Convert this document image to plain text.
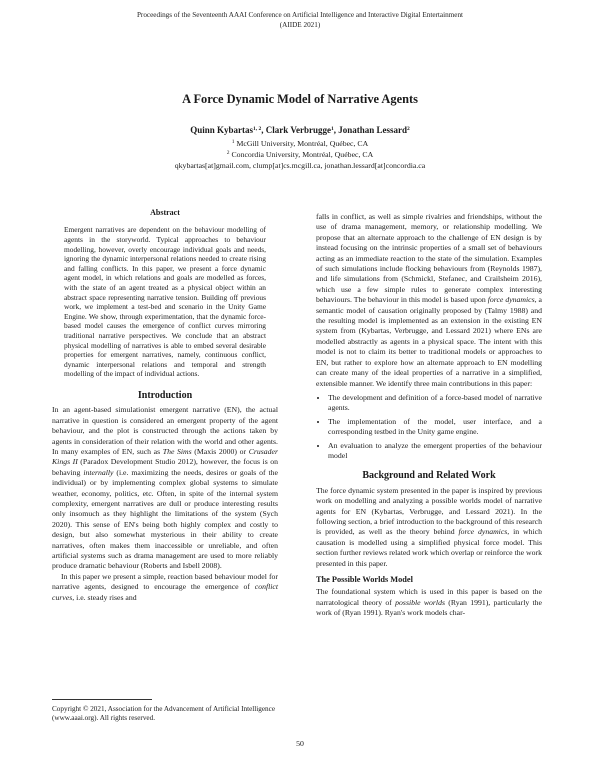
Proceedings of the Seventeenth AAAI Conference on Artificial Intelligence and Interactive Digital Entertainment
(AIIDE 2021)
A Force Dynamic Model of Narrative Agents
Quinn Kybartas$^{1, 2}$, Clark Verbrugge$^1$, Jonathan Lessard$^2$
$^1$ McGill University, Montréal, Québec, CA
$^2$ Concordia University, Montréal, Québec, CA
qkybartas[at]gmail.com, clump[at]cs.mcgill.ca, jonathan.lessard[at]concordia.ca
Abstract

Emergent narratives are dependent on the behaviour modelling of agents in the storyworld. Typical approaches to behaviour modelling, however, overly encourage individual goals and needs, ignoring the dynamic interpersonal relations needed to create rising and falling conflicts. In this paper, we present a force dynamic agent model, in which relations and goals are modelled as forces, with the state of an agent treated as a physical object within an abstract space representing narrative tension. Building off previous work, we implement a test-bed and scenario in the Unity Game Engine. We show, through experimentation, that the dynamic force-based model causes the emergence of conflict curves mirroring traditional narrative perspectives. We conclude that an abstract physical modelling of narratives is able to embed several desirable properties for emergent narratives, namely, continuous conflict, dynamic interpersonal relations and temporal and strength modelling of the impact of individual actions.

Introduction

In an agent-based simulationist emergent narrative (EN), the actual narrative in question is considered an emergent property of the agent behaviour, and the plot is constructed through the actions taken by agents in consideration of their relation with the world and other agents. In many examples of EN, such as The Sims (Maxis 2000) or Crusader Kings II (Paradox Development Studio 2012), however, the focus is on behaving internally (i.e. maximizing the needs, desires or goals of the individual) or by implementing complex global systems to simulate weather, economy, politics, etc. Often, in spite of the internal system complexity, emergent narratives are dull or produce interesting results only insomuch as they highlight the limitations of the system (Sych 2020). This sense of EN's being both highly complex and costly to design, but also somewhat mysterious in their ability to create narratives, often makes them inaccessible or unreliable, and often artificial systems such as drama management are used to more reliably produce dramatic behaviour (Roberts and Isbell 2008).

In this paper we present a simple, reaction based behaviour model for narrative agents, designed to encourage the emergence of conflict curves, i.e. steady rises and

falls in conflict, as well as simple rivalries and friendships, without the use of drama management, memory, or relationship modelling. We propose that an alternate approach to the challenge of EN design is by instead focusing on the intrinsic properties of a small set of behaviours acting as an immediate reaction to the state of the simulation. Examples of such simulations include flocking behaviours from (Reynolds 1987), and life simulations from (Schmickl, Stefanec, and Crailsheim 2016), which use a few simple rules to generate complex interesting behaviours. The behaviour in this model is based upon force dynamics, a semantic model of causation originally proposed by (Talmy 1988) and the resulting model is implemented as an extension in the existing EN system from (Kybartas, Verbrugge, and Lessard 2021) where ENs are modelled abstractly as agents in a physical space. The intent with this model is not to claim its better to traditional models or approaches to EN, but rather to explore how an alternate approach to EN modelling can create many of the ideal properties of a narrative in a simplified, extensible manner. We identify three main contributions in this paper:

• The development and definition of a force-based model of narrative agents.
• The implementation of the model, user interface, and a corresponding testbed in the Unity game engine.
• An evaluation to analyze the emergent properties of the behaviour model
Background and Related Work

The force dynamic system presented in the paper is inspired by previous work on modelling and analyzing a possible worlds model of narrative agents for EN (Kybartas, Verbrugge, and Lessard 2021). In the following section, a brief introduction to the background of this research is provided, as well as the theory behind force dynamics, in which causation is modelled using a simplified physical force model. This section further reviews related work which overlap or reinforce the work presented in this paper.

The Possible Worlds Model

The foundational system which is used in this paper is based on the narratological theory of possible worlds (Ryan 1991), particularly the work of (Ryan 1991). Ryan's work models char-

Copyright © 2021, Association for the Advancement of Artificial Intelligence (www.aaai.org). All rights reserved.
50
